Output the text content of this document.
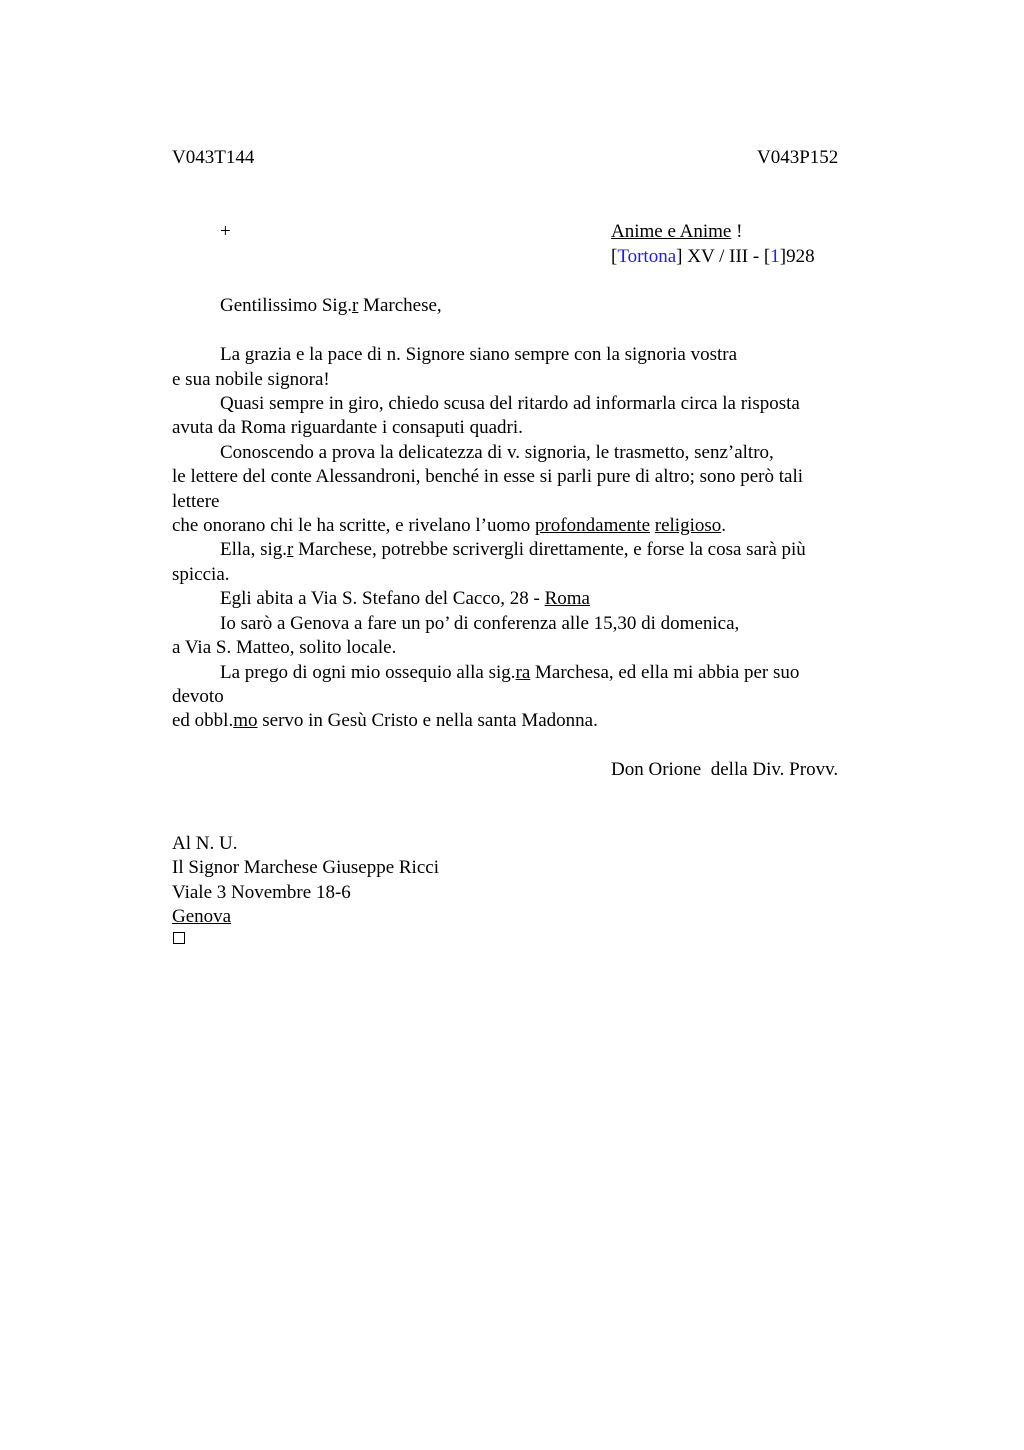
V043T144	V043P152
+	Anime e Anime !
[Tortona] XV / III - [1]928
Gentilissimo Sig.r Marchese,
La grazia e la pace di n. Signore siano sempre con la signoria vostra
e sua nobile signora!
Quasi sempre in giro, chiedo scusa del ritardo ad informarla circa la risposta
avuta da Roma riguardante i consaputi quadri.
Conoscendo a prova la delicatezza di v. signoria, le trasmetto, senz’altro,
le lettere del conte Alessandroni, benché in esse si parli pure di altro; sono però tali
lettere
che onorano chi le ha scritte, e rivelano l’uomo profondamente religioso.
Ella, sig.r Marchese, potrebbe scrivergli direttamente, e forse la cosa sarà più
spiccia.
Egli abita a Via S. Stefano del Cacco, 28 - Roma
Io sarò a Genova a fare un po’ di conferenza alle 15,30 di domenica,
a Via S. Matteo, solito locale.
La prego di ogni mio ossequio alla sig.ra Marchesa, ed ella mi abbia per suo
devoto
ed obbl.mo servo in Gesù Cristo e nella santa Madonna.
Don Orione  della Div. Provv.
Al N. U.
Il Signor Marchese Giuseppe Ricci
Viale 3 Novembre 18-6
Genova
